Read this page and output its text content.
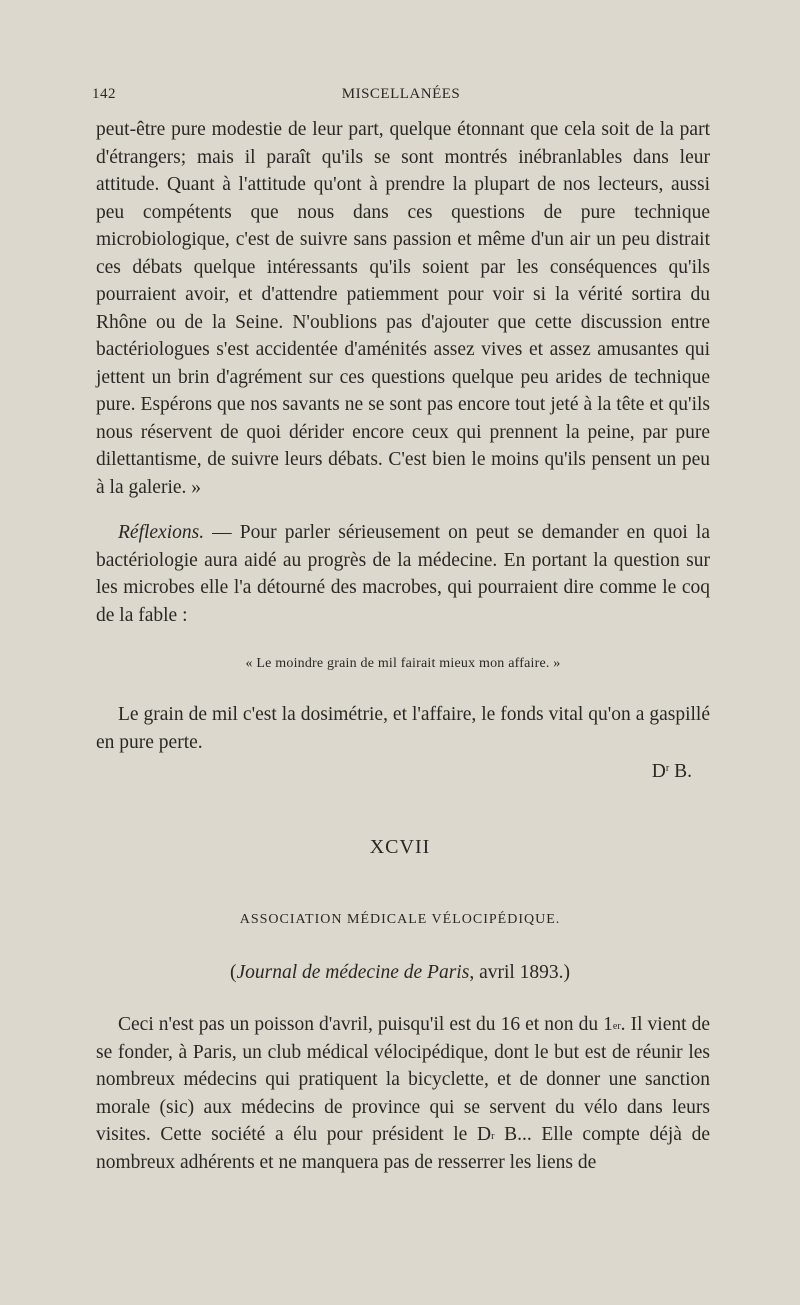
142	MISCELLANÉES

peut-être pure modestie de leur part, quelque étonnant que cela soit de la part d'étrangers; mais il paraît qu'ils se sont montrés inébranlables dans leur attitude. Quant à l'attitude qu'ont à prendre la plupart de nos lecteurs, aussi peu compétents que nous dans ces questions de pure technique microbiologique, c'est de suivre sans passion et même d'un air un peu distrait ces débats quelque intéressants qu'ils soient par les conséquences qu'ils pourraient avoir, et d'attendre patiemment pour voir si la vérité sortira du Rhône ou de la Seine. N'oublions pas d'ajouter que cette discussion entre bactériologues s'est accidentée d'aménités assez vives et assez amusantes qui jettent un brin d'agrément sur ces questions quelque peu arides de technique pure. Espérons que nos savants ne se sont pas encore tout jeté à la tête et qu'ils nous réservent de quoi dérider encore ceux qui prennent la peine, par pure dilettantisme, de suivre leurs débats. C'est bien le moins qu'ils pensent un peu à la galerie. »

Réflexions. — Pour parler sérieusement on peut se demander en quoi la bactériologie aura aidé au progrès de la médecine. En portant la question sur les microbes elle l'a détourné des macrobes, qui pourraient dire comme le coq de la fable :

« Le moindre grain de mil fairait mieux mon affaire. »

Le grain de mil c'est la dosimétrie, et l'affaire, le fonds vital qu'on a gaspillé en pure perte.

$D^r$ B.
XCVII
ASSOCIATION MÉDICALE VÉLOCIPÉDIQUE.
(Journal de médecine de Paris, avril 1893.)

Ceci n'est pas un poisson d'avril, puisqu'il est du 16 et non du 1er. Il vient de se fonder, à Paris, un club médical vélocipédique, dont le but est de réunir les nombreux médecins qui pratiquent la bicyclette, et de donner une sanction morale (sic) aux médecins de province qui se servent du vélo dans leurs visites. Cette société a élu pour président le $D^r$ B... Elle compte déjà de nombreux adhérents et ne manquera pas de resserrer les liens de
